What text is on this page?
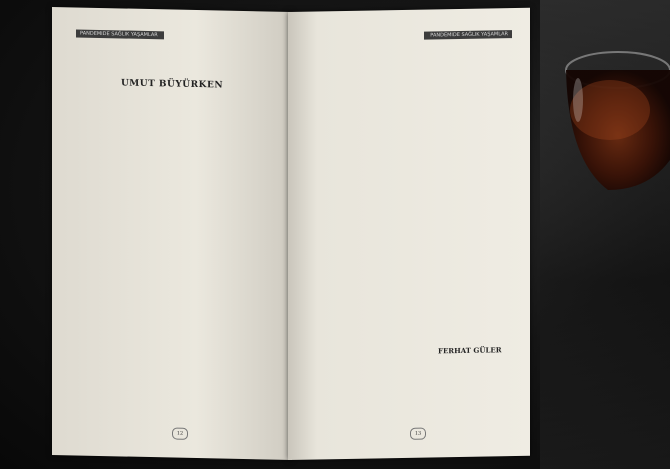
PANDEMIDE SAĞLIK YAŞAMLAR
UMUT BÜYÜRKEN
12
PANDEMIDE SAĞLIK YAŞAMLAR
FERHAT GÜLER
13
